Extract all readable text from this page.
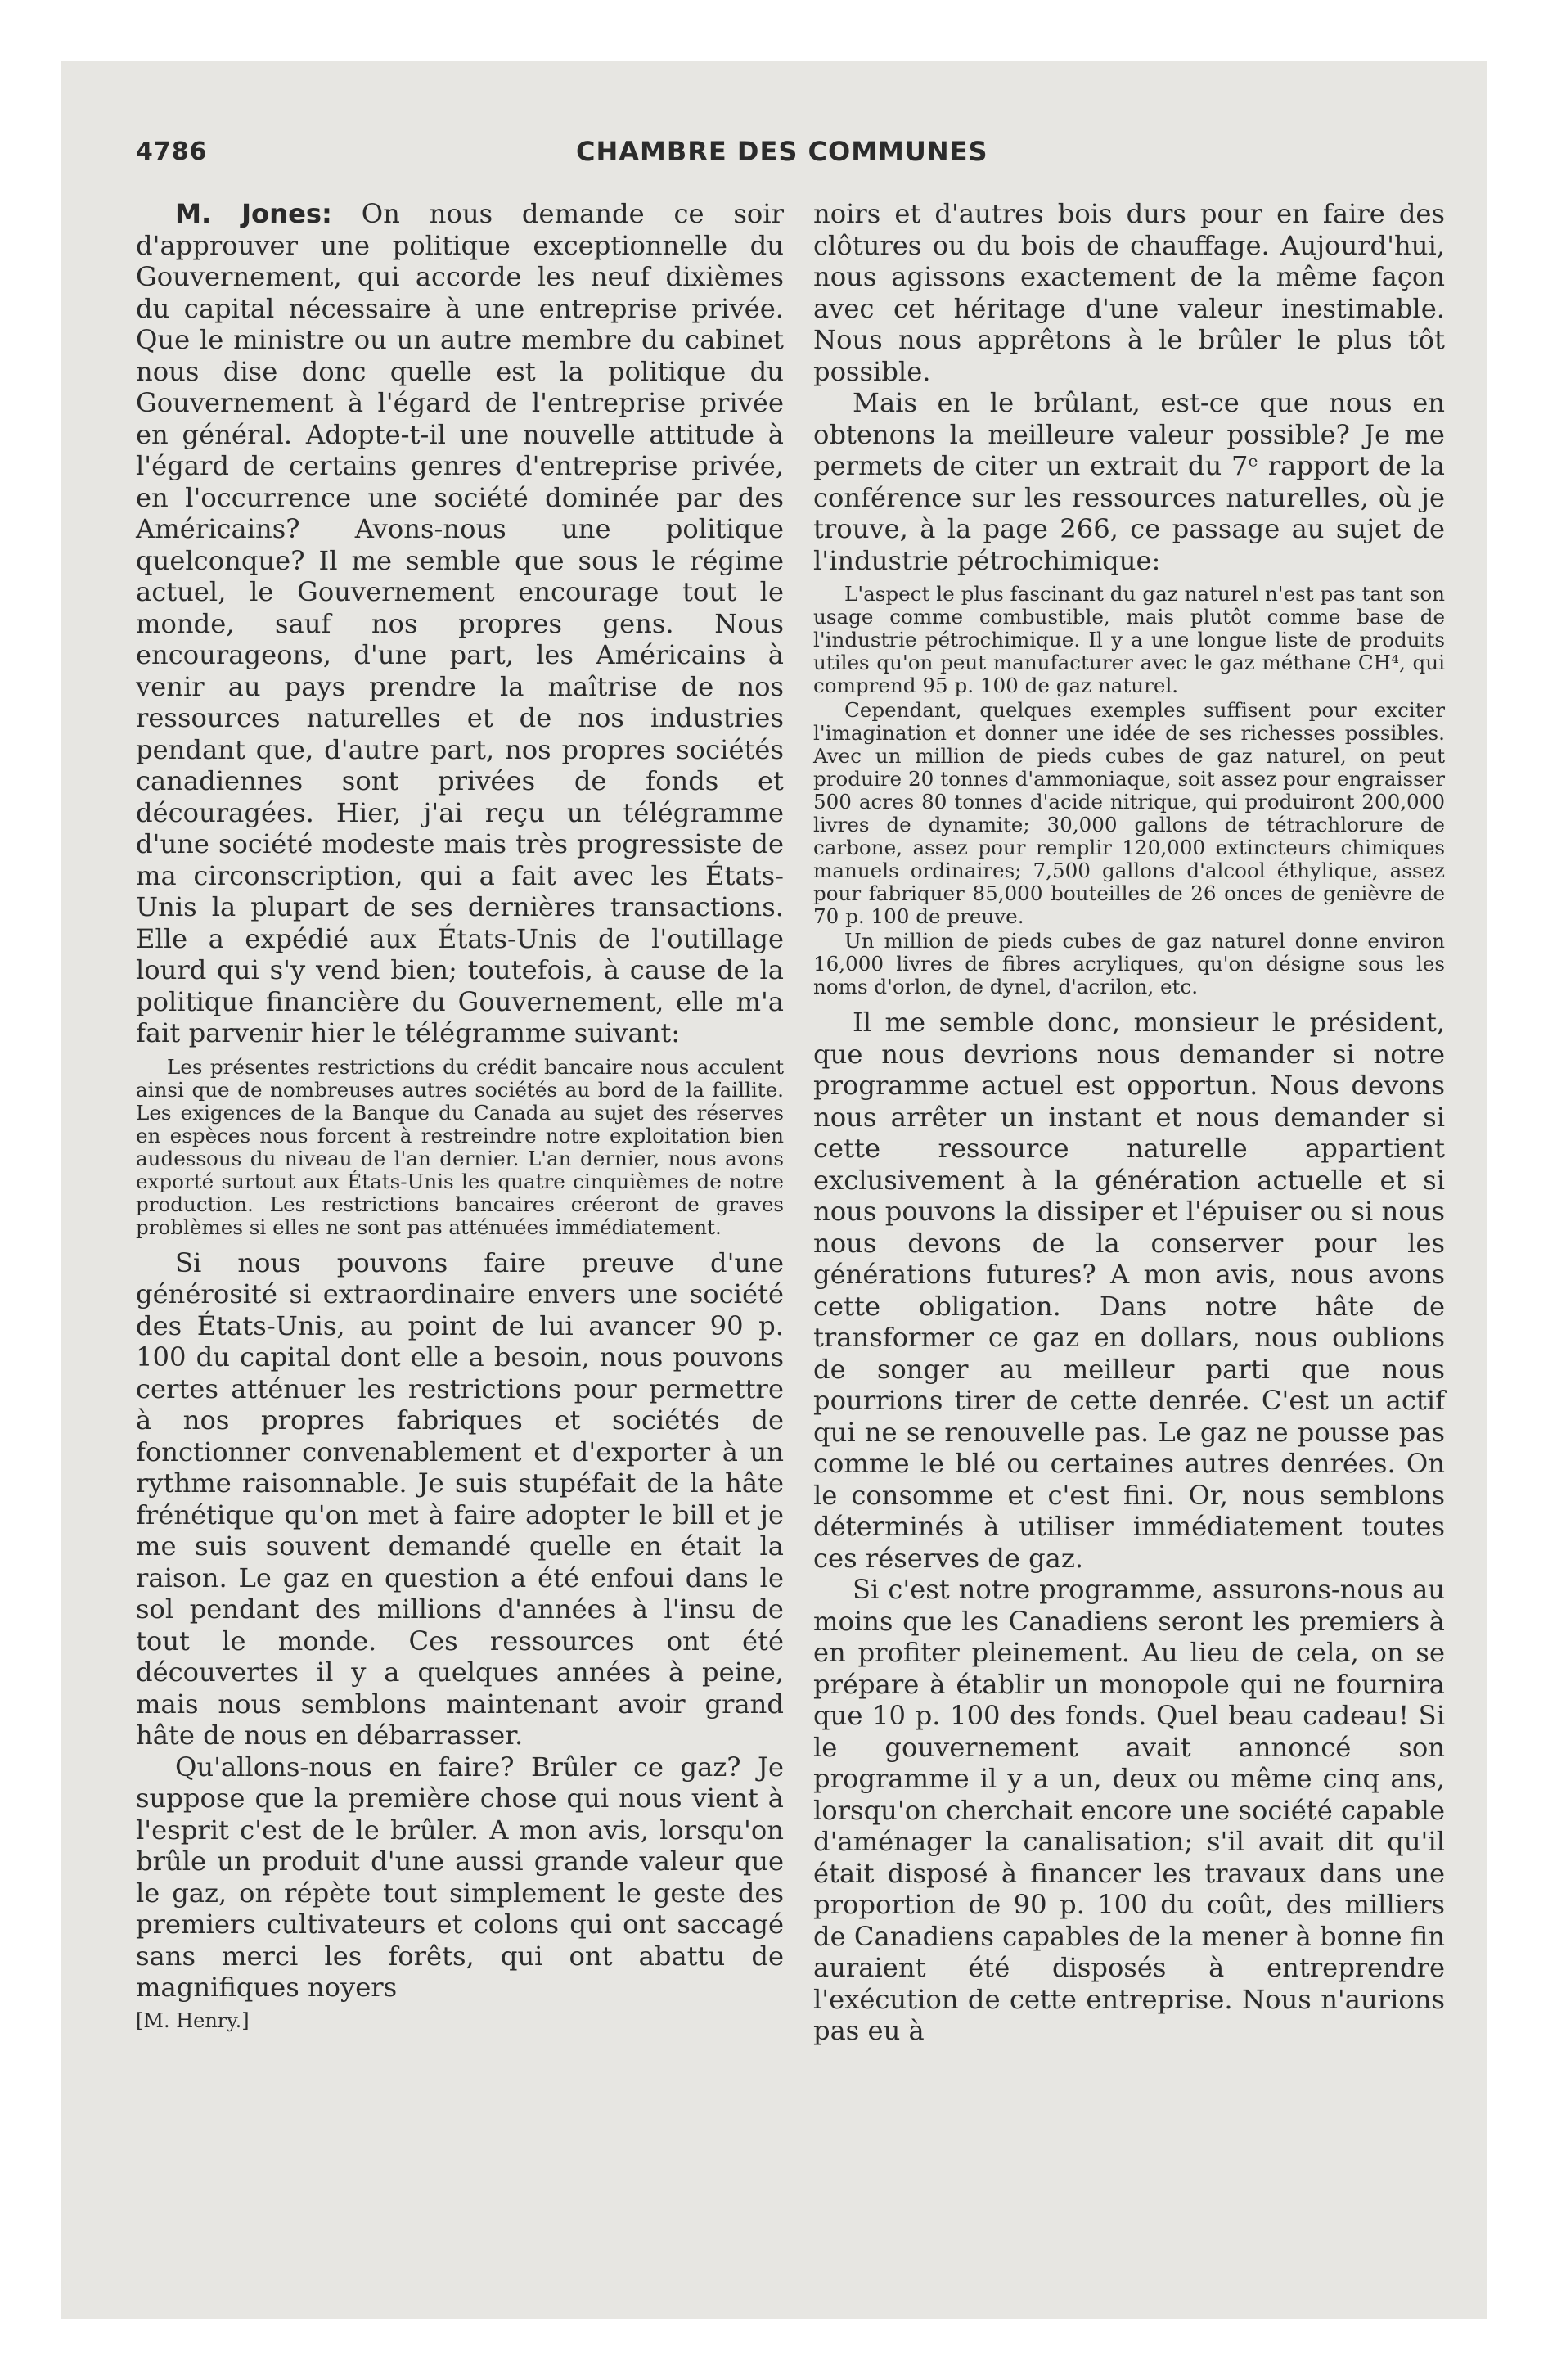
4786	CHAMBRE DES COMMUNES

M. Jones: On nous demande ce soir d'approuver une politique exceptionnelle du Gouvernement, qui accorde les neuf dixièmes du capital nécessaire à une entreprise privée. Que le ministre ou un autre membre du cabinet nous dise donc quelle est la politique du Gouvernement à l'égard de l'entreprise privée en général. Adopte-t-il une nouvelle attitude à l'égard de certains genres d'entreprise privée, en l'occurrence une société dominée par des Américains? Avons-nous une politique quelconque? Il me semble que sous le régime actuel, le Gouvernement encourage tout le monde, sauf nos propres gens. Nous encourageons, d'une part, les Américains à venir au pays prendre la maîtrise de nos ressources naturelles et de nos industries pendant que, d'autre part, nos propres sociétés canadiennes sont privées de fonds et découragées. Hier, j'ai reçu un télégramme d'une société modeste mais très progressiste de ma circonscription, qui a fait avec les États-Unis la plupart de ses dernières transactions. Elle a expédié aux États-Unis de l'outillage lourd qui s'y vend bien; toutefois, à cause de la politique financière du Gouvernement, elle m'a fait parvenir hier le télégramme suivant:

Les présentes restrictions du crédit bancaire nous acculent ainsi que de nombreuses autres sociétés au bord de la faillite. Les exigences de la Banque du Canada au sujet des réserves en espèces nous forcent à restreindre notre exploitation bien audessous du niveau de l'an dernier. L'an dernier, nous avons exporté surtout aux États-Unis les quatre cinquièmes de notre production. Les restrictions bancaires créeront de graves problèmes si elles ne sont pas atténuées immédiatement.

Si nous pouvons faire preuve d'une générosité si extraordinaire envers une société des États-Unis, au point de lui avancer 90 p. 100 du capital dont elle a besoin, nous pouvons certes atténuer les restrictions pour permettre à nos propres fabriques et sociétés de fonctionner convenablement et d'exporter à un rythme raisonnable. Je suis stupéfait de la hâte frénétique qu'on met à faire adopter le bill et je me suis souvent demandé quelle en était la raison. Le gaz en question a été enfoui dans le sol pendant des millions d'années à l'insu de tout le monde. Ces ressources ont été découvertes il y a quelques années à peine, mais nous semblons maintenant avoir grand hâte de nous en débarrasser.

Qu'allons-nous en faire? Brûler ce gaz? Je suppose que la première chose qui nous vient à l'esprit c'est de le brûler. A mon avis, lorsqu'on brûle un produit d'une aussi grande valeur que le gaz, on répète tout simplement le geste des premiers cultivateurs et colons qui ont saccagé sans merci les forêts, qui ont abattu de magnifiques noyers

[M. Henry.]

noirs et d'autres bois durs pour en faire des clôtures ou du bois de chauffage. Aujourd'hui, nous agissons exactement de la même façon avec cet héritage d'une valeur inestimable. Nous nous apprêtons à le brûler le plus tôt possible.

Mais en le brûlant, est-ce que nous en obtenons la meilleure valeur possible? Je me permets de citer un extrait du 7ᵉ rapport de la conférence sur les ressources naturelles, où je trouve, à la page 266, ce passage au sujet de l'industrie pétrochimique:

L'aspect le plus fascinant du gaz naturel n'est pas tant son usage comme combustible, mais plutôt comme base de l'industrie pétrochimique. Il y a une longue liste de produits utiles qu'on peut manufacturer avec le gaz méthane CH⁴, qui comprend 95 p. 100 de gaz naturel.

Cependant, quelques exemples suffisent pour exciter l'imagination et donner une idée de ses richesses possibles. Avec un million de pieds cubes de gaz naturel, on peut produire 20 tonnes d'ammoniaque, soit assez pour engraisser 500 acres 80 tonnes d'acide nitrique, qui produiront 200,000 livres de dynamite; 30,000 gallons de tétrachlorure de carbone, assez pour remplir 120,000 extincteurs chimiques manuels ordinaires; 7,500 gallons d'alcool éthylique, assez pour fabriquer 85,000 bouteilles de 26 onces de genièvre de 70 p. 100 de preuve.

Un million de pieds cubes de gaz naturel donne environ 16,000 livres de fibres acryliques, qu'on désigne sous les noms d'orlon, de dynel, d'acrilon, etc.

Il me semble donc, monsieur le président, que nous devrions nous demander si notre programme actuel est opportun. Nous devons nous arrêter un instant et nous demander si cette ressource naturelle appartient exclusivement à la génération actuelle et si nous pouvons la dissiper et l'épuiser ou si nous nous devons de la conserver pour les générations futures? A mon avis, nous avons cette obligation. Dans notre hâte de transformer ce gaz en dollars, nous oublions de songer au meilleur parti que nous pourrions tirer de cette denrée. C'est un actif qui ne se renouvelle pas. Le gaz ne pousse pas comme le blé ou certaines autres denrées. On le consomme et c'est fini. Or, nous semblons déterminés à utiliser immédiatement toutes ces réserves de gaz.

Si c'est notre programme, assurons-nous au moins que les Canadiens seront les premiers à en profiter pleinement. Au lieu de cela, on se prépare à établir un monopole qui ne fournira que 10 p. 100 des fonds. Quel beau cadeau! Si le gouvernement avait annoncé son programme il y a un, deux ou même cinq ans, lorsqu'on cherchait encore une société capable d'aménager la canalisation; s'il avait dit qu'il était disposé à financer les travaux dans une proportion de 90 p. 100 du coût, des milliers de Canadiens capables de la mener à bonne fin auraient été disposés à entreprendre l'exécution de cette entreprise. Nous n'aurions pas eu à
